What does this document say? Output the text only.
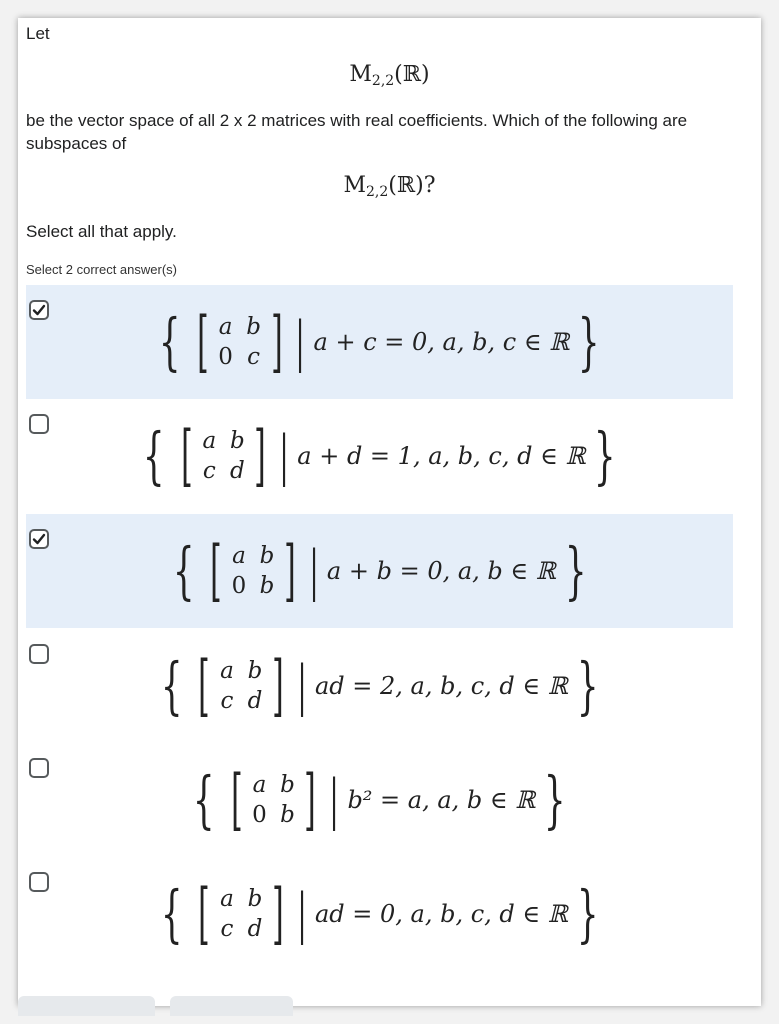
Let
$M_{2,2}(ℝ)$
be the vector space of all 2 x 2 matrices with real coefficients. Which of the following are subspaces of
$M_{2,2}(ℝ)$?
Select all that apply.
Select 2 correct answer(s)
{ [ a b
0 c ] | a + c = 0, a, b, c ∈ ℝ }
{ [ a b
c d ] | a + d = 1, a, b, c, d ∈ ℝ }
{ [ a b
0 b ] | a + b = 0, a, b ∈ ℝ }
{ [ a b
c d ] | ad = 2, a, b, c, d ∈ ℝ }
{ [ a b
0 b ] | b² = a, a, b ∈ ℝ }
{ [ a b
c d ] | ad = 0, a, b, c, d ∈ ℝ }
